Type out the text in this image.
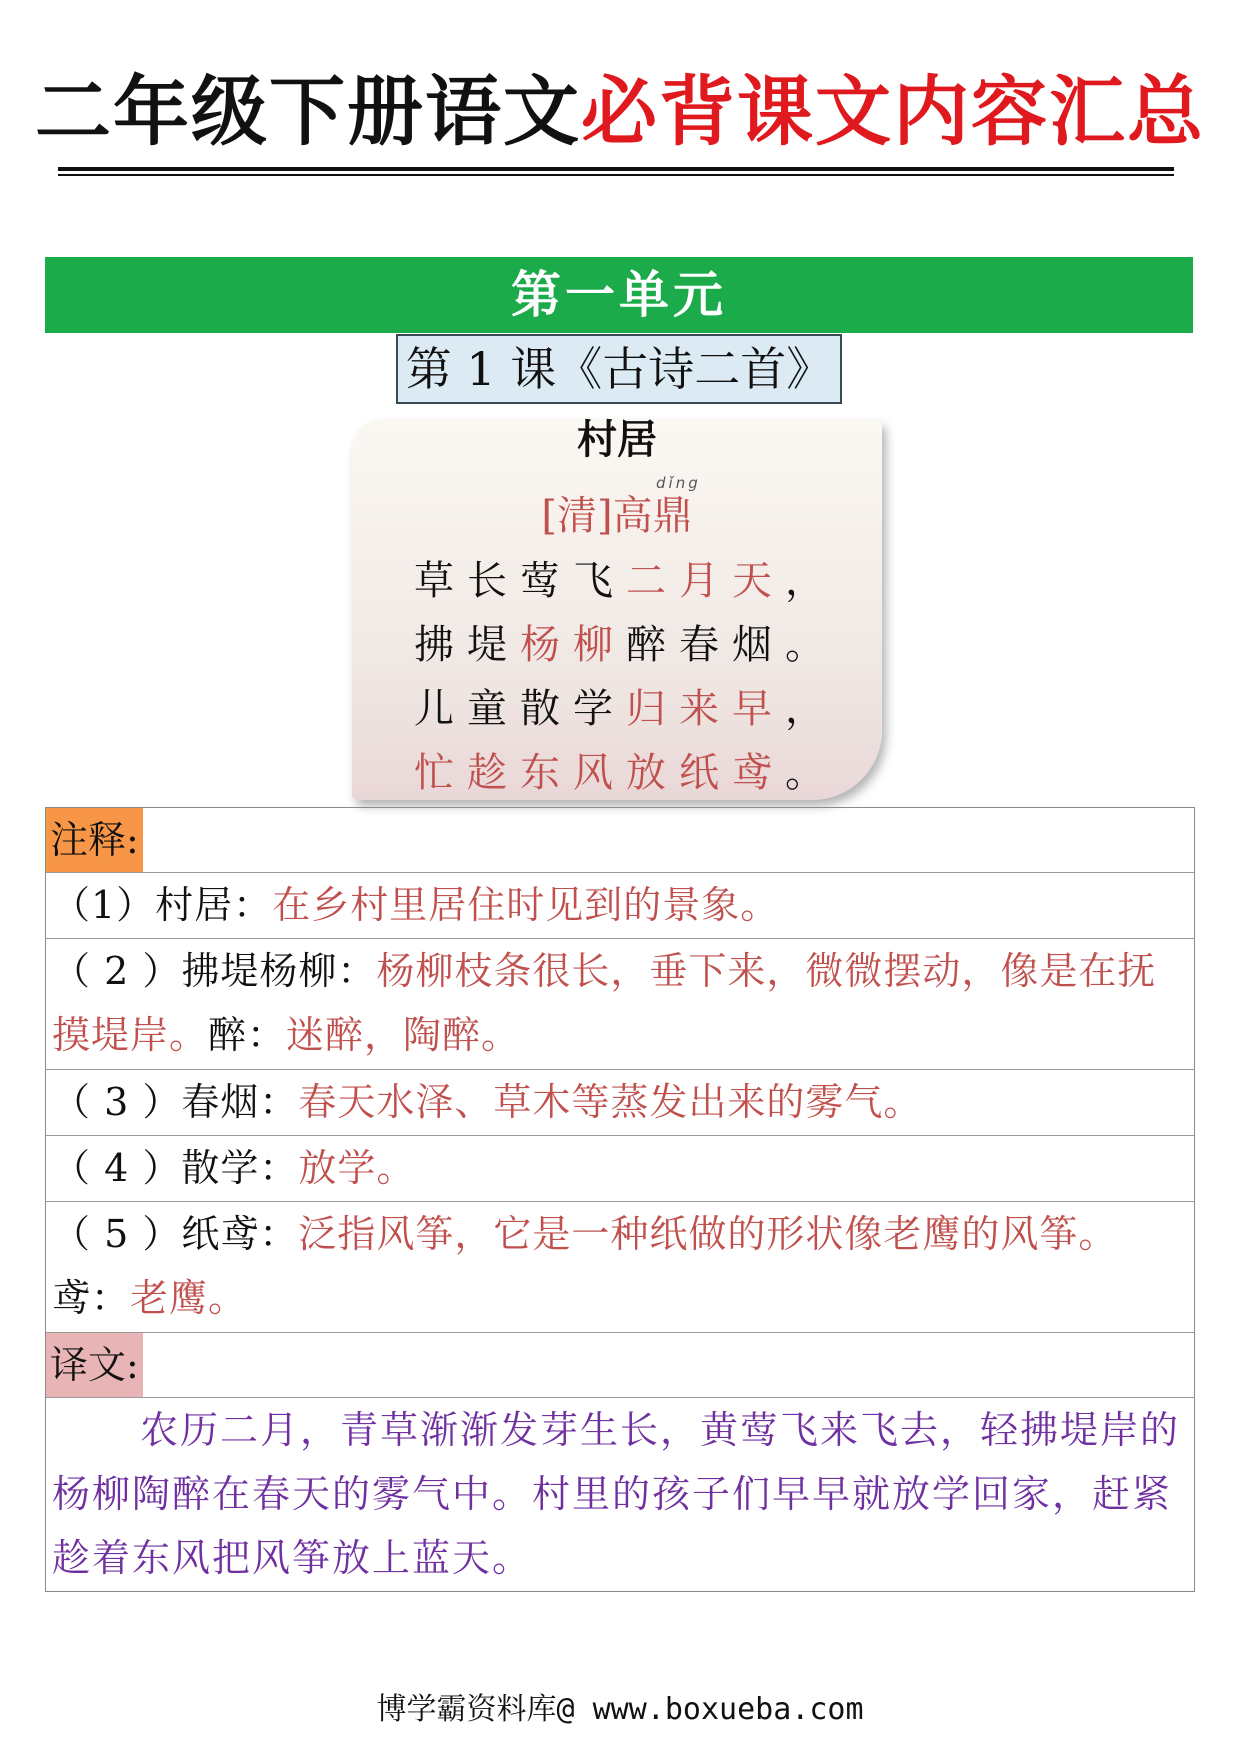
二年级下册语文必背课文内容汇总
第一单元
第 1 课《古诗二首》
村居
dǐng
[清]高鼎
草长莺飞二月天，
拂堤杨柳醉春烟。
儿童散学归来早，
忙趁东风放纸鸢。
注释:
（1）村居：在乡村里居住时见到的景象。
（ 2 ）拂堤杨柳：杨柳枝条很长，垂下来，微微摆动，像是在抚摸堤岸。醉：迷醉，陶醉。
（ 3 ）春烟：春天水泽、草木等蒸发出来的雾气。
（ 4 ）散学：放学。
（ 5 ）纸鸢：泛指风筝，它是一种纸做的形状像老鹰的风筝。鸢：老鹰。
译文:
农历二月，青草渐渐发芽生长，黄莺飞来飞去，轻拂堤岸的杨柳陶醉在春天的雾气中。村里的孩子们早早就放学回家，赶紧趁着东风把风筝放上蓝天。
博学霸资料库@ www.boxueba.com
